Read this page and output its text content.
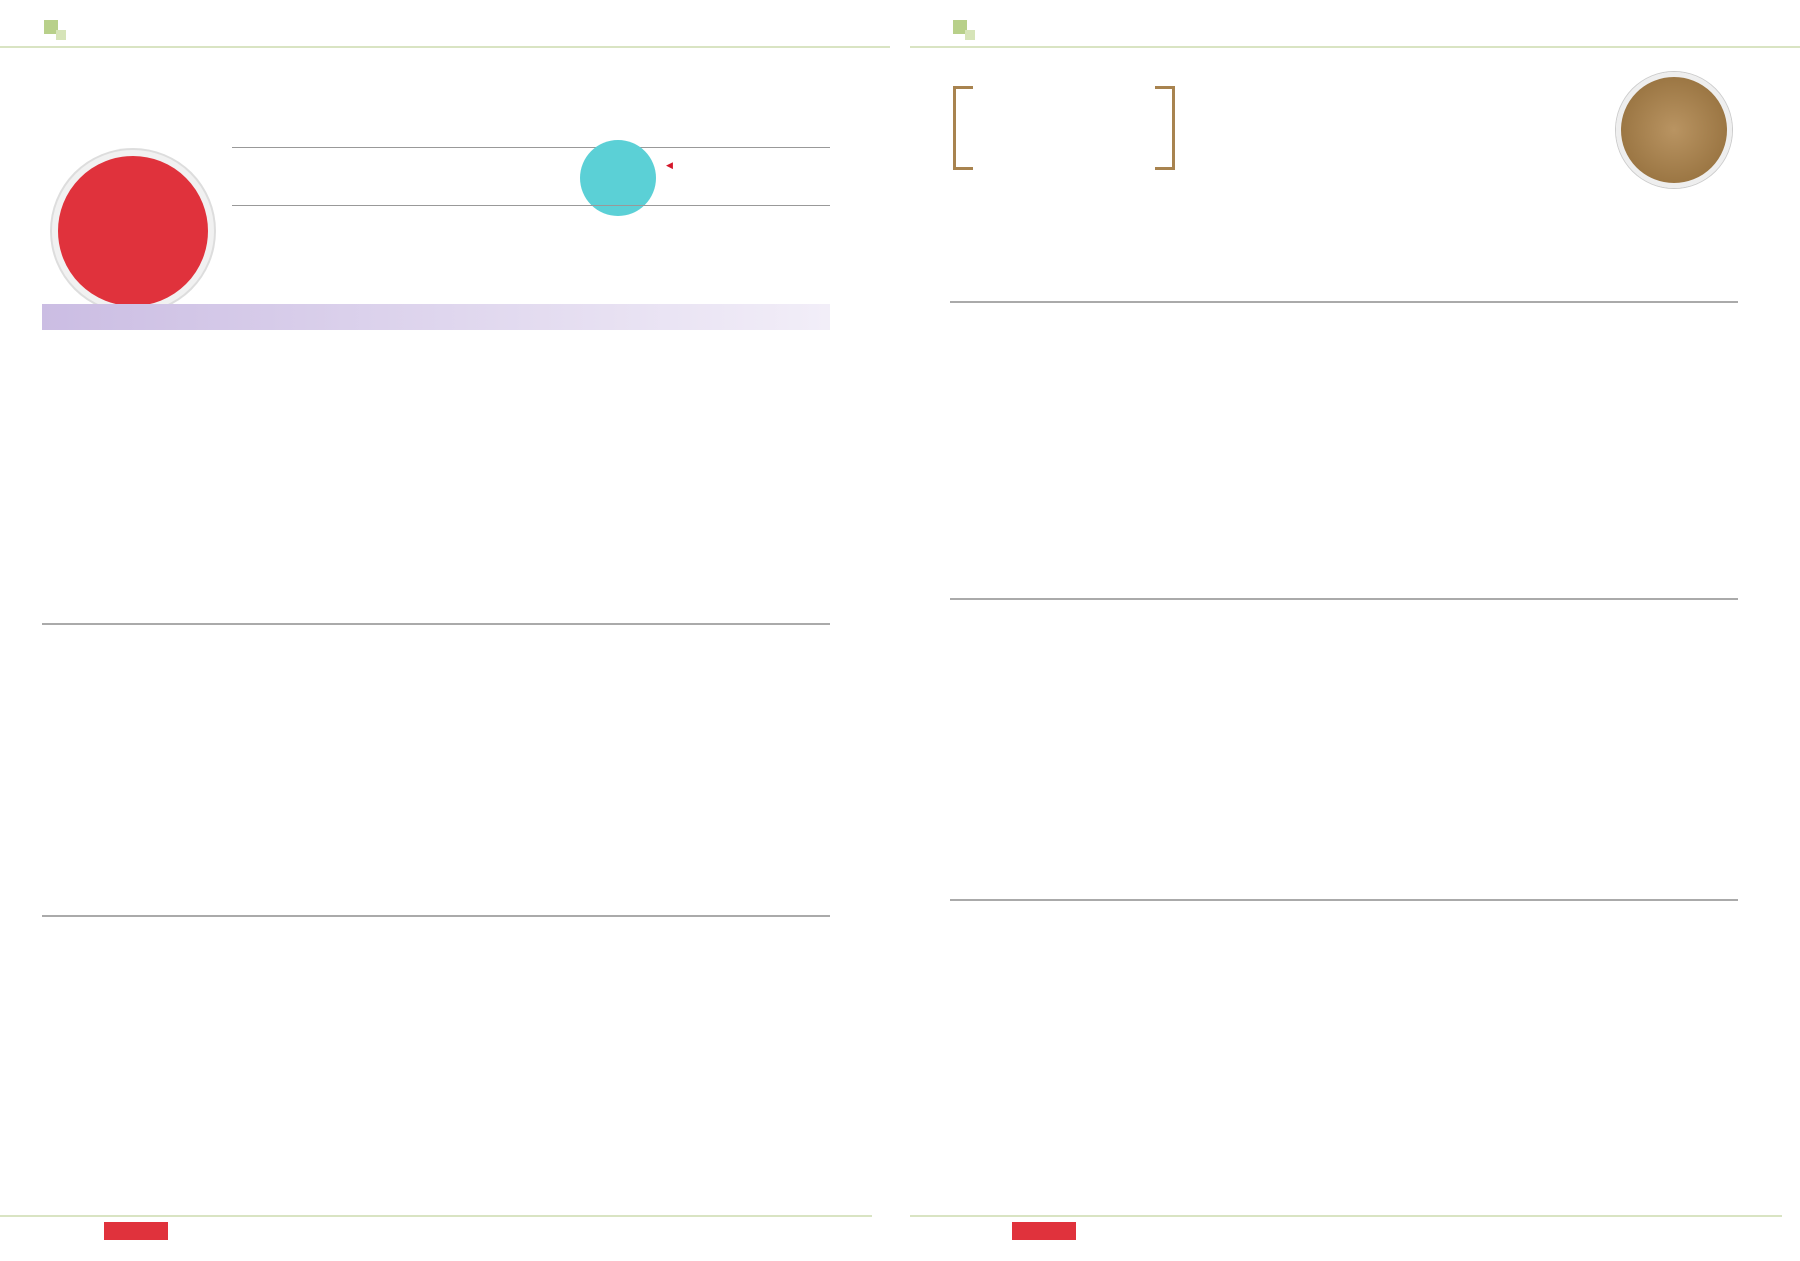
◀
